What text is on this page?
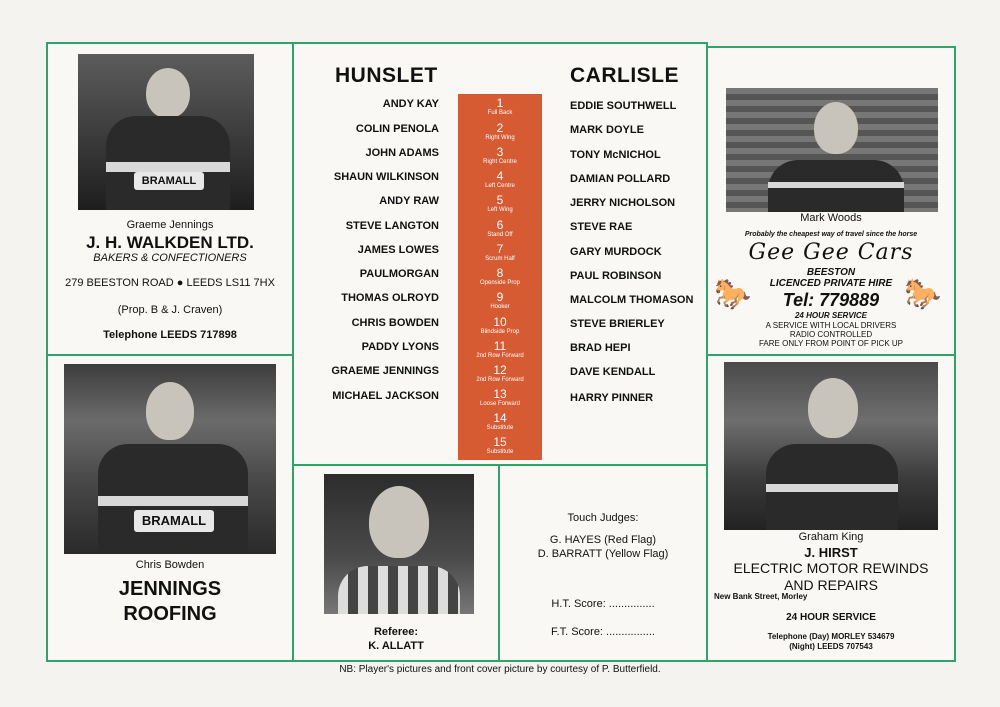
BRAMALL
Graeme Jennings
J. H. WALKDEN LTD.
BAKERS & CONFECTIONERS
279 BEESTON ROAD ● LEEDS LS11 7HX
(Prop. B & J. Craven)
Telephone LEEDS 717898
BRAMALL
Chris Bowden
JENNINGS
ROOFING
HUNSLET	CARLISLE
ANDY KAY
COLIN PENOLA
JOHN ADAMS
SHAUN WILKINSON
ANDY RAW
STEVE LANGTON
JAMES LOWES
PAULMORGAN
THOMAS OLROYD
CHRIS BOWDEN
PADDY LYONS
GRAEME JENNINGS
MICHAEL JACKSON
1
Full Back
2
Right Wing
3
Right Centre
4
Left Centre
5
Left Wing
6
Stand Off
7
Scrum Half
8
Openside Prop
9
Hooker
10
Blindside Prop
11
2nd Row Forward
12
2nd Row Forward
13
Loose Forward
14
Substitute
15
Substitute
EDDIE SOUTHWELL
MARK DOYLE
TONY McNICHOL
DAMIAN POLLARD
JERRY NICHOLSON
STEVE RAE
GARY MURDOCK
PAUL ROBINSON
MALCOLM THOMASON
STEVE BRIERLEY
BRAD HEPI
DAVE KENDALL
HARRY PINNER
Referee:
K. ALLATT
Touch Judges:
G. HAYES (Red Flag)
D. BARRATT (Yellow Flag)
H.T. Score: ...............
F.T. Score: ................
Mark Woods
Probably the cheapest way of travel since the horse
Gee Gee Cars
BEESTON
LICENCED PRIVATE HIRE
🐎	🐎
Tel: 779889
24 HOUR SERVICE
A SERVICE WITH LOCAL DRIVERS
RADIO CONTROLLED
FARE ONLY FROM POINT OF PICK UP
Graham King
J. HIRST
ELECTRIC MOTOR REWINDS
AND REPAIRS
New Bank Street, Morley
24 HOUR SERVICE
Telephone (Day) MORLEY 534679
(Night) LEEDS 707543
NB: Player's pictures and front cover picture by courtesy of P. Butterfield.
